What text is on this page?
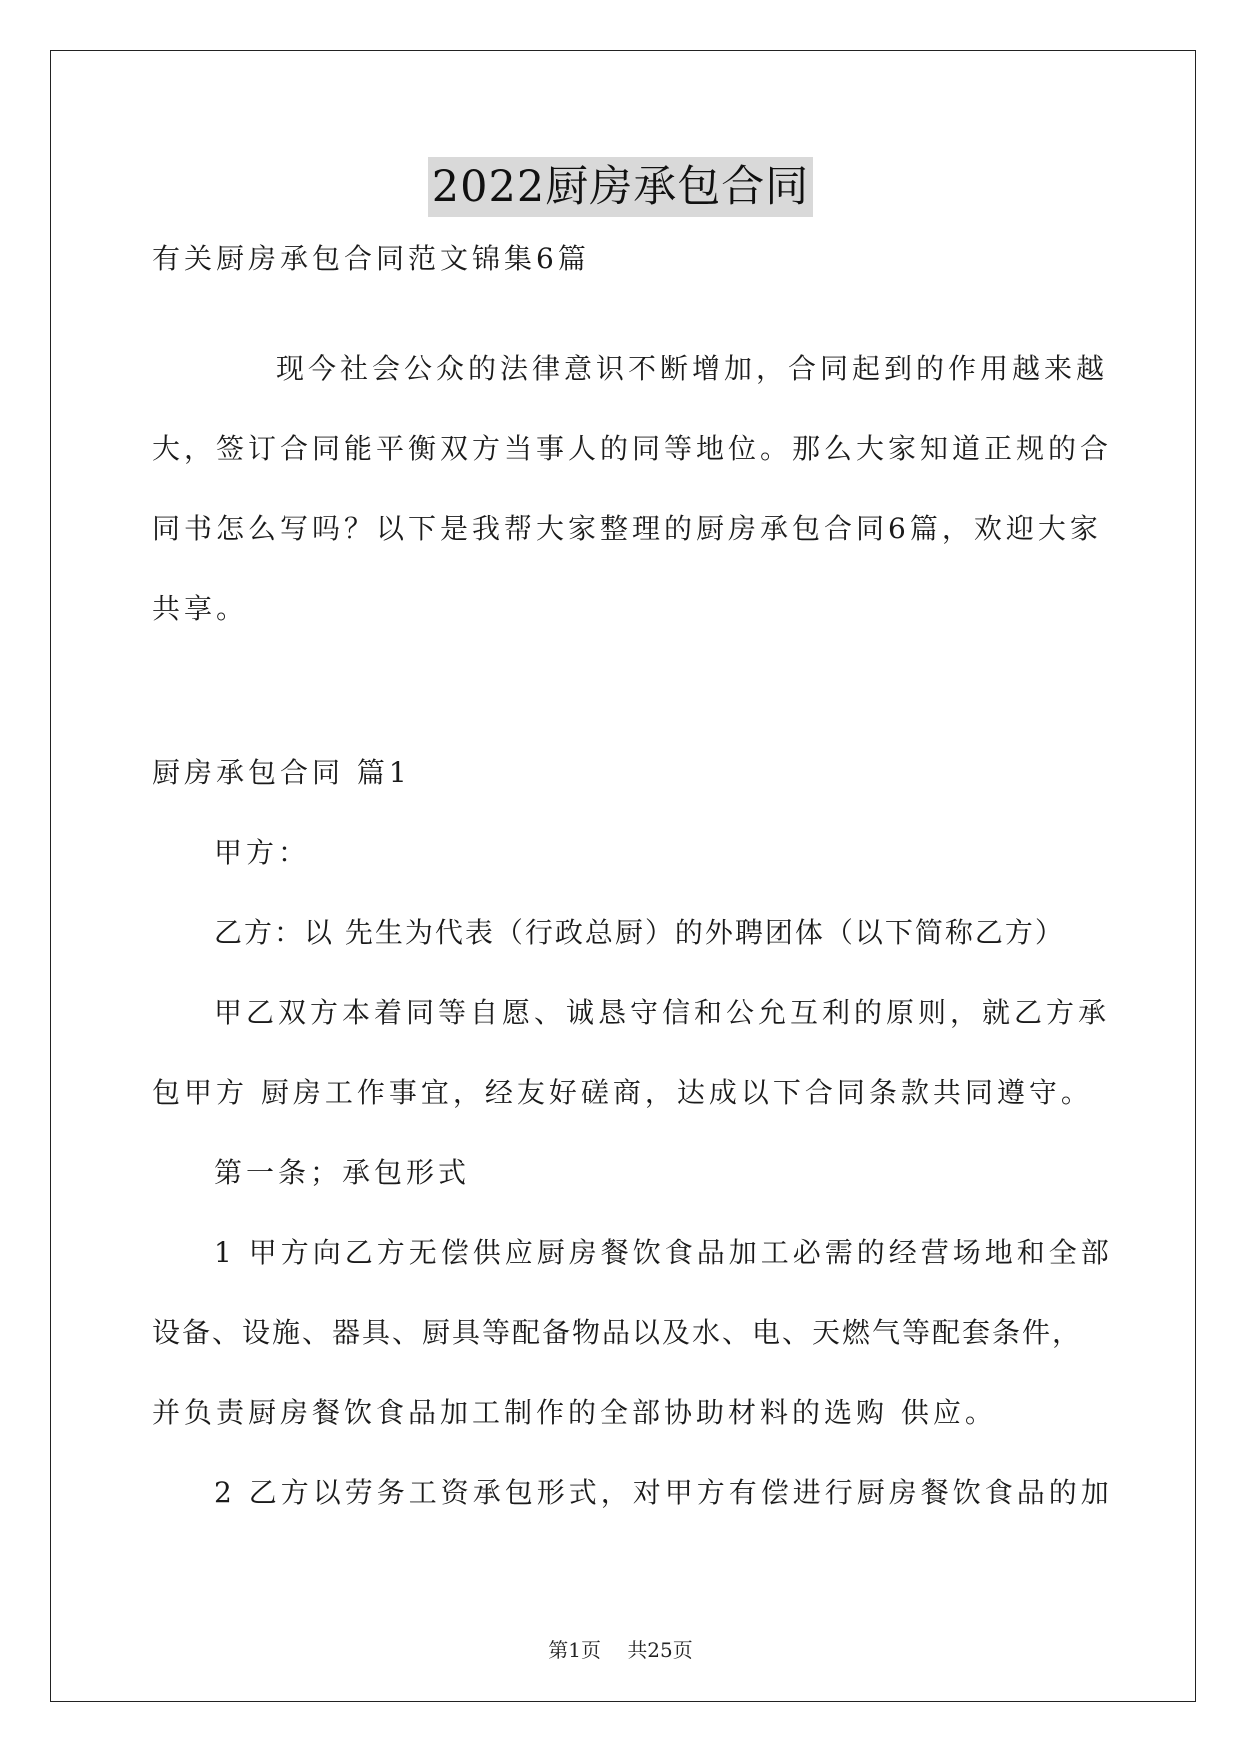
2022厨房承包合同
有关厨房承包合同范文锦集6篇
现今社会公众的法律意识不断增加，合同起到的作用越来越
大，签订合同能平衡双方当事人的同等地位。那么大家知道正规的合
同书怎么写吗？以下是我帮大家整理的厨房承包合同6篇，欢迎大家
共享。
厨房承包合同 篇1
甲方：
乙方：以 先生为代表（行政总厨）的外聘团体（以下简称乙方）
甲乙双方本着同等自愿、诚恳守信和公允互利的原则，就乙方承
包甲方 厨房工作事宜，经友好磋商，达成以下合同条款共同遵守。
第一条；承包形式
1 甲方向乙方无偿供应厨房餐饮食品加工必需的经营场地和全部
设备、设施、器具、厨具等配备物品以及水、电、天燃气等配套条件，
并负责厨房餐饮食品加工制作的全部协助材料的选购 供应。
2 乙方以劳务工资承包形式，对甲方有偿进行厨房餐饮食品的加
第1页 共25页
